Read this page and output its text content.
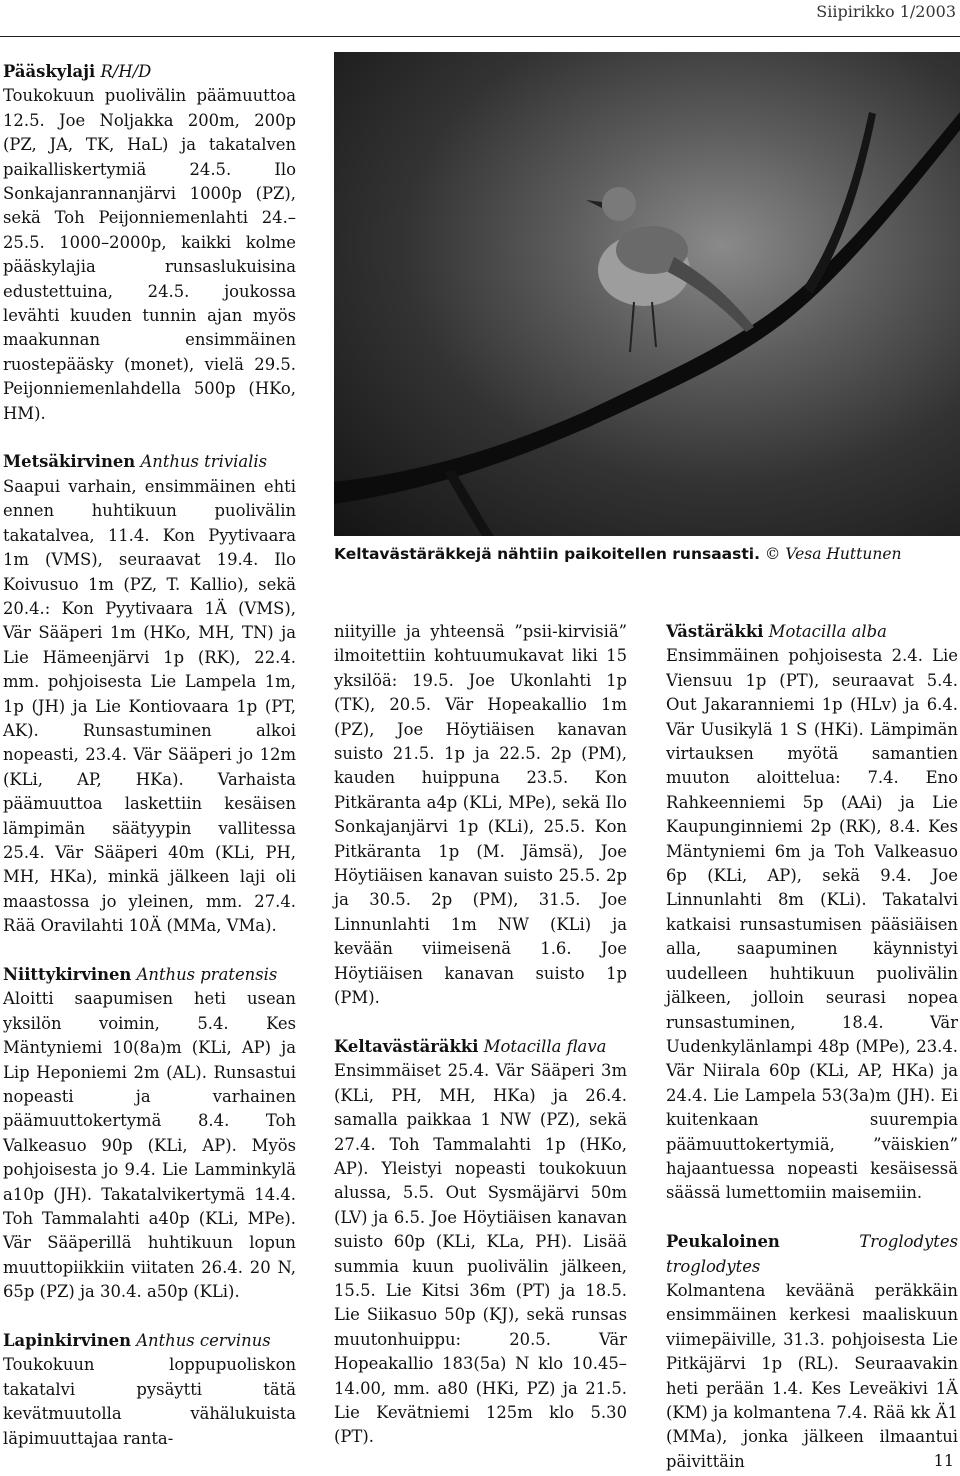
Siipirikko 1/2003

Pääskylaji R/H/D

Toukokuun puolivälin päämuuttoa 12.5. Joe Noljakka 200m, 200p (PZ, JA, TK, HaL) ja takatalven paikalliskertymiä 24.5. Ilo Sonkajanrannanjärvi 1000p (PZ), sekä Toh Peijonniemenlahti 24.–25.5. 1000–2000p, kaikki kolme pääskylajia runsaslukuisina edustettuina, 24.5. joukossa levähti kuuden tunnin ajan myös maakunnan ensimmäinen ruostepääsky (monet), vielä 29.5. Peijonniemenlahdella 500p (HKo, HM).

Metsäkirvinen Anthus trivialis

Saapui varhain, ensimmäinen ehti ennen huhtikuun puolivälin takatalvea, 11.4. Kon Pyytivaara 1m (VMS), seuraavat 19.4. Ilo Koivusuo 1m (PZ, T. Kallio), sekä 20.4.: Kon Pyytivaara 1Ä (VMS), Vär Sääperi 1m (HKo, MH, TN) ja Lie Hämeenjärvi 1p (RK), 22.4. mm. pohjoisesta Lie Lampela 1m, 1p (JH) ja Lie Kontiovaara 1p (PT, AK). Runsastuminen alkoi nopeasti, 23.4. Vär Sääperi jo 12m (KLi, AP, HKa). Varhaista päämuuttoa laskettiin kesäisen lämpimän säätyypin vallitessa 25.4. Vär Sääperi 40m (KLi, PH, MH, HKa), minkä jälkeen laji oli maastossa jo yleinen, mm. 27.4. Rää Oravilahti 10Ä (MMa, VMa).

Niittykirvinen Anthus pratensis

Aloitti saapumisen heti usean yksilön voimin, 5.4. Kes Mäntyniemi 10(8a)m (KLi, AP) ja Lip Heponiemi 2m (AL). Runsastui nopeasti ja varhainen päämuuttokertymä 8.4. Toh Valkeasuo 90p (KLi, AP). Myös pohjoisesta jo 9.4. Lie Lamminkylä a10p (JH). Takatalvikertymä 14.4. Toh Tammalahti a40p (KLi, MPe). Vär Sääperillä huhtikuun lopun muuttopiikkiin viitaten 26.4. 20 N, 65p (PZ) ja 30.4. a50p (KLi).

Lapinkirvinen Anthus cervinus

Toukokuun loppupuoliskon takatalvi pysäytti tätä kevätmuutolla vähälukuista läpimuuttajaa ranta-

Keltavästäräkkejä nähtiin paikoitellen runsaasti. © Vesa Huttunen

niityille ja yhteensä ”psii-kirvisiä” ilmoitettiin kohtuumukavat liki 15 yksilöä: 19.5. Joe Ukonlahti 1p (TK), 20.5. Vär Hopeakallio 1m (PZ), Joe Höytiäisen kanavan suisto 21.5. 1p ja 22.5. 2p (PM), kauden huippuna 23.5. Kon Pitkäranta a4p (KLi, MPe), sekä Ilo Sonkajanjärvi 1p (KLi), 25.5. Kon Pitkäranta 1p (M. Jämsä), Joe Höytiäisen kanavan suisto 25.5. 2p ja 30.5. 2p (PM), 31.5. Joe Linnunlahti 1m NW (KLi) ja kevään viimeisenä 1.6. Joe Höytiäisen kanavan suisto 1p (PM).

Keltavästäräkki Motacilla flava

Ensimmäiset 25.4. Vär Sääperi 3m (KLi, PH, MH, HKa) ja 26.4. samalla paikkaa 1 NW (PZ), sekä 27.4. Toh Tammalahti 1p (HKo, AP). Yleistyi nopeasti toukokuun alussa, 5.5. Out Sysmäjärvi 50m (LV) ja 6.5. Joe Höytiäisen kanavan suisto 60p (KLi, KLa, PH). Lisää summia kuun puolivälin jälkeen, 15.5. Lie Kitsi 36m (PT) ja 18.5. Lie Siikasuo 50p (KJ), sekä runsas muutonhuippu: 20.5. Vär Hopeakallio 183(5a) N klo 10.45–14.00, mm. a80 (HKi, PZ) ja 21.5. Lie Kevätniemi 125m klo 5.30 (PT).

Västäräkki Motacilla alba

Ensimmäinen pohjoisesta 2.4. Lie Viensuu 1p (PT), seuraavat 5.4. Out Jakaranniemi 1p (HLv) ja 6.4. Vär Uusikylä 1 S (HKi). Lämpimän virtauksen myötä samantien muuton aloittelua: 7.4. Eno Rahkeenniemi 5p (AAi) ja Lie Kaupunginniemi 2p (RK), 8.4. Kes Mäntyniemi 6m ja Toh Valkeasuo 6p (KLi, AP), sekä 9.4. Joe Linnunlahti 8m (KLi). Takatalvi katkaisi runsastumisen pääsiäisen alla, saapuminen käynnistyi uudelleen huhtikuun puolivälin jälkeen, jolloin seurasi nopea runsastuminen, 18.4. Vär Uudenkylänlampi 48p (MPe), 23.4. Vär Niirala 60p (KLi, AP, HKa) ja 24.4. Lie Lampela 53(3a)m (JH). Ei kuitenkaan suurempia päämuuttokertymiä, ”väiskien” hajaantuessa nopeasti kesäisessä säässä lumettomiin maisemiin.

Peukaloinen	Troglodytes troglodytes

Kolmantena keväänä peräkkäin ensimmäinen kerkesi maaliskuun viimepäiville, 31.3. pohjoisesta Lie Pitkäjärvi 1p (RL). Seuraavakin heti perään 1.4. Kes Leveäkivi 1Ä (KM) ja kolmantena 7.4. Rää kk Ä1 (MMa), jonka jälkeen ilmaantui päivittäin	11
